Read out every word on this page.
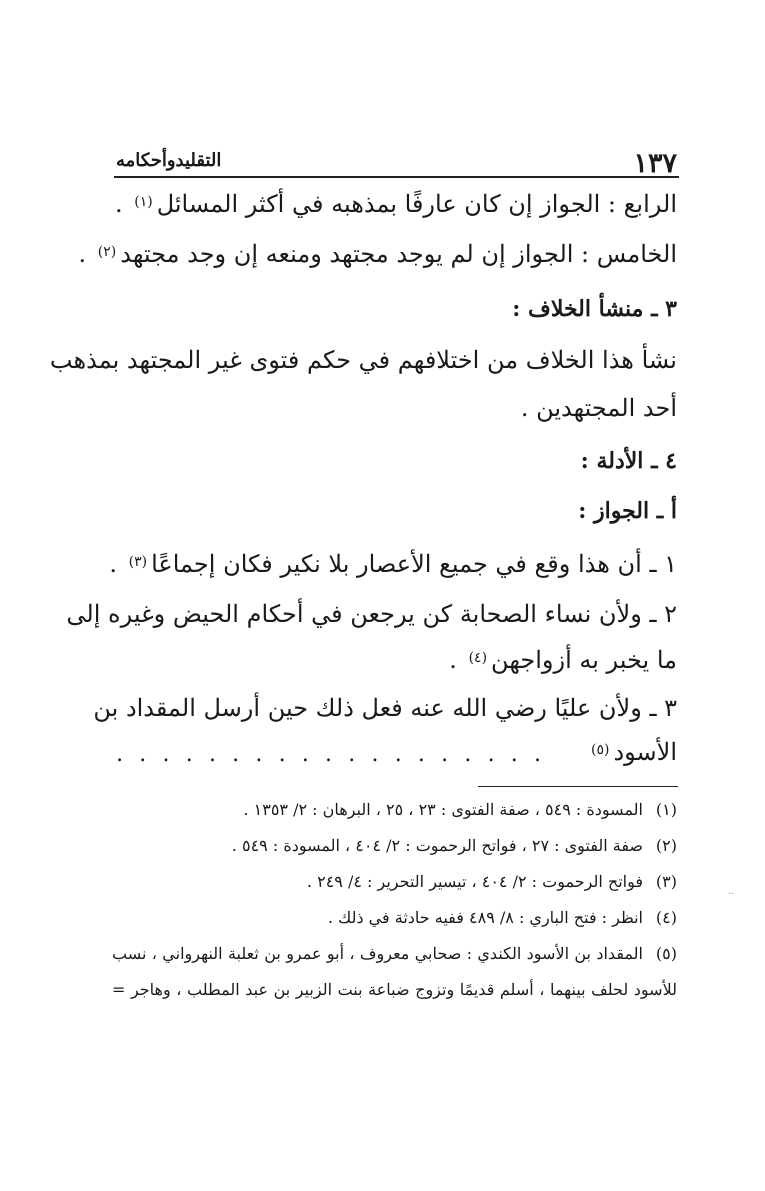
١٣٧
التقليدوأحكامه
الرابع : الجواز إن كان عارفًا بمذهبه في أكثر المسائل$^{(١)}$ .
الخامس : الجواز إن لم يوجد مجتهد ومنعه إن وجد مجتهد$^{(٢)}$ .
٣ ـ منشأ الخلاف :
نشأ هذا الخلاف من اختلافهم في حكم فتوى غير المجتهد بمذهب
أحد المجتهدين .
٤ ـ الأدلة :
أ ـ الجواز :
١ ـ أن هذا وقع في جميع الأعصار بلا نكير فكان إجماعًا$^{(٣)}$ .
٢ ـ ولأن نساء الصحابة كن يرجعن في أحكام الحيض وغيره إلى
ما يخبر به أزواجهن$^{(٤)}$ .
٣ ـ ولأن عليًا رضي الله عنه فعل ذلك حين أرسل المقداد بن
الأسود$^{(٥)}$
.
.
.
.
.
.
.
.
.
.
.
.
.
.
.
.
.
.
.
(١)المسودة : ٥٤٩ ، صفة الفتوى : ٢٣ ، ٢٥ ، البرهان : ٢/ ١٣٥٣ .
(٢)صفة الفتوى : ٢٧ ، فواتح الرحموت : ٢/ ٤٠٤ ، المسودة : ٥٤٩ .
(٣)فواتح الرحموت : ٢/ ٤٠٤ ، تيسير التحرير : ٤/ ٢٤٩ .
(٤)انظر : فتح الباري : ٨/ ٤٨٩ ففيه حادثة في ذلك .
(٥)المقداد بن الأسود الكندي : صحابي معروف ، أبو عمرو بن ثعلبة النهرواني ، نسب
للأسود لحلف بينهما ، أسلم قديمًا وتزوج ضباعة بنت الزبير بن عبد المطلب ، وهاجر =
..
